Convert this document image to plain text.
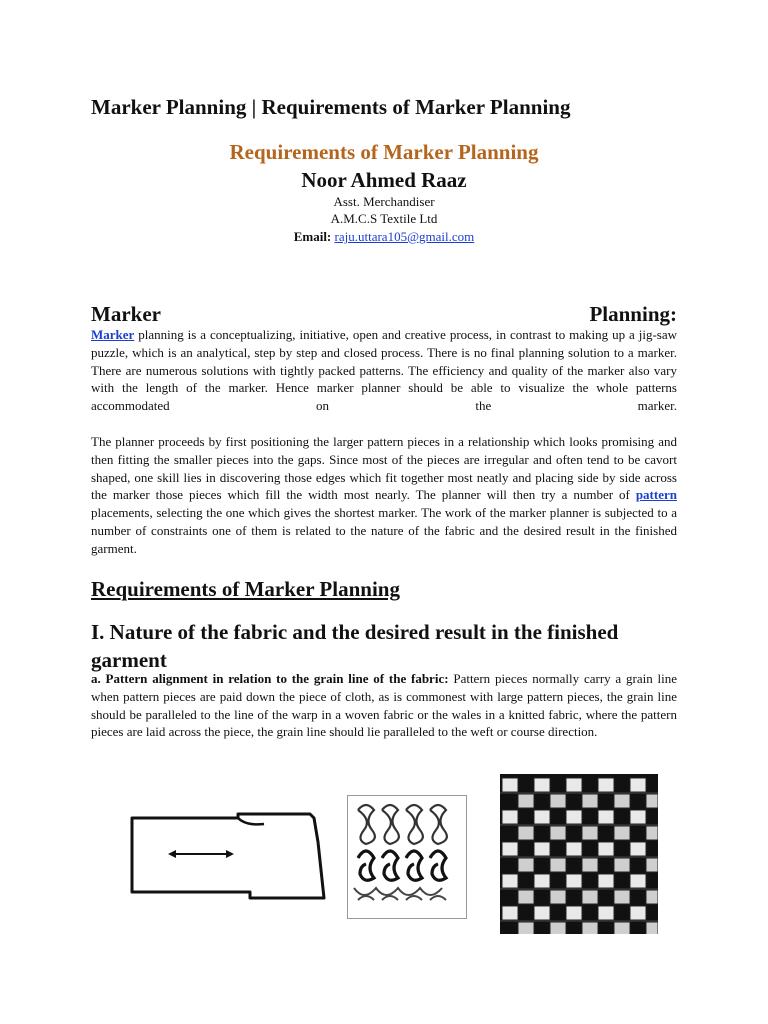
Marker Planning | Requirements of Marker Planning
Requirements of Marker Planning
Noor Ahmed Raaz
Asst. Merchandiser
A.M.C.S Textile Ltd
Email: raju.uttara105@gmail.com
Marker	Planning:

Marker planning is a conceptualizing, initiative, open and creative process, in contrast to making up a jig-saw puzzle, which is an analytical, step by step and closed process. There is no final planning solution to a marker. There are numerous solutions with tightly packed patterns. The efficiency and quality of the marker also vary with the length of the marker. Hence marker planner should be able to visualize the whole patterns accommodated on the marker.

The planner proceeds by first positioning the larger pattern pieces in a relationship which looks promising and then fitting the smaller pieces into the gaps. Since most of the pieces are irregular and often tend to be cavort shaped, one skill lies in discovering those edges which fit together most neatly and placing side by side across the marker those pieces which fill the width most nearly. The planner will then try a number of pattern placements, selecting the one which gives the shortest marker. The work of the marker planner is subjected to a number of constraints one of them is related to the nature of the fabric and the desired result in the finished garment.

Requirements of Marker Planning
I. Nature of the fabric and the desired result in the finished garment

a. Pattern alignment in relation to the grain line of the fabric: Pattern pieces normally carry a grain line when pattern pieces are paid down the piece of cloth, as is commonest with large pattern pieces, the grain line should be paralleled to the line of the warp in a woven fabric or the wales in a knitted fabric, where the pattern pieces are laid across the piece, the grain line should lie paralleled to the weft or course direction.
